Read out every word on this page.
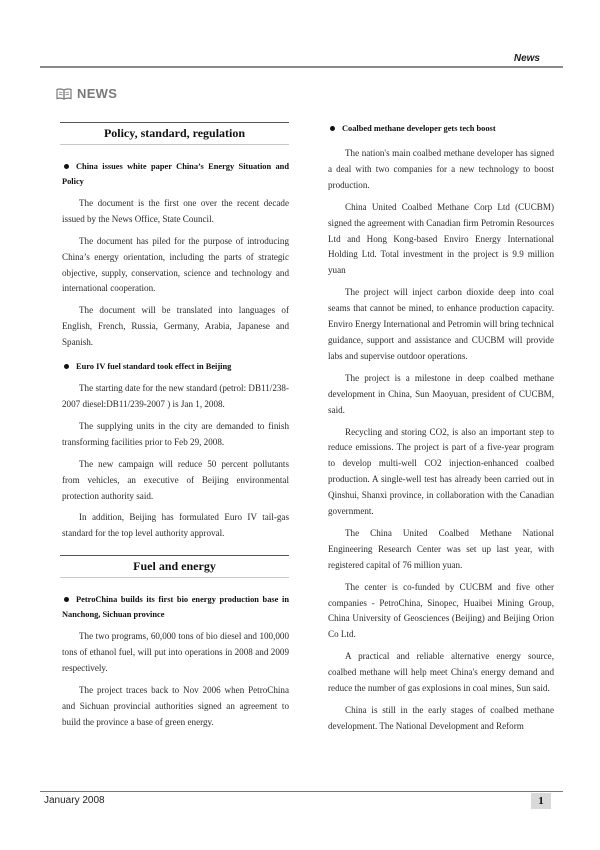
News
NEWS
Policy, standard, regulation
China issues white paper China’s Energy Situation and Policy

The document is the first one over the recent decade issued by the News Office, State Council.

The document has piled for the purpose of introducing China’s energy orientation, including the parts of strategic objective, supply, conservation, science and technology and international cooperation.

The document will be translated into languages of English, French, Russia, Germany, Arabia, Japanese and Spanish.

Euro IV fuel standard took effect in Beijing

The starting date for the new standard (petrol: DB11/238-2007 diesel:DB11/239-2007 ) is Jan 1, 2008.

The supplying units in the city are demanded to finish transforming facilities prior to Feb 29, 2008.

The new campaign will reduce 50 percent pollutants from vehicles, an executive of Beijing environmental protection authority said.

In addition, Beijing has formulated Euro IV tail-gas standard for the top level authority approval.

Fuel and energy
PetroChina builds its first bio energy production base in Nanchong, Sichuan province

The two programs, 60,000 tons of bio diesel and 100,000 tons of ethanol fuel, will put into operations in 2008 and 2009 respectively.

The project traces back to Nov 2006 when PetroChina and Sichuan provincial authorities signed an agreement to build the province a base of green energy.

Coalbed methane developer gets tech boost

The nation's main coalbed methane developer has signed a deal with two companies for a new technology to boost production.

China United Coalbed Methane Corp Ltd (CUCBM) signed the agreement with Canadian firm Petromin Resources Ltd and Hong Kong-based Enviro Energy International Holding Ltd. Total investment in the project is 9.9 million yuan

The project will inject carbon dioxide deep into coal seams that cannot be mined, to enhance production capacity. Enviro Energy International and Petromin will bring technical guidance, support and assistance and CUCBM will provide labs and supervise outdoor operations.

The project is a milestone in deep coalbed methane development in China, Sun Maoyuan, president of CUCBM, said.

Recycling and storing CO2, is also an important step to reduce emissions. The project is part of a five-year program to develop multi-well CO2 injection-enhanced coalbed production. A single-well test has already been carried out in Qinshui, Shanxi province, in collaboration with the Canadian government.

The China United Coalbed Methane National Engineering Research Center was set up last year, with registered capital of 76 million yuan.

The center is co-funded by CUCBM and five other companies - PetroChina, Sinopec, Huaibei Mining Group, China University of Geosciences (Beijing) and Beijing Orion Co Ltd.

A practical and reliable alternative energy source, coalbed methane will help meet China's energy demand and reduce the number of gas explosions in coal mines, Sun said.

China is still in the early stages of coalbed methane development. The National Development and Reform

January 2008	1
